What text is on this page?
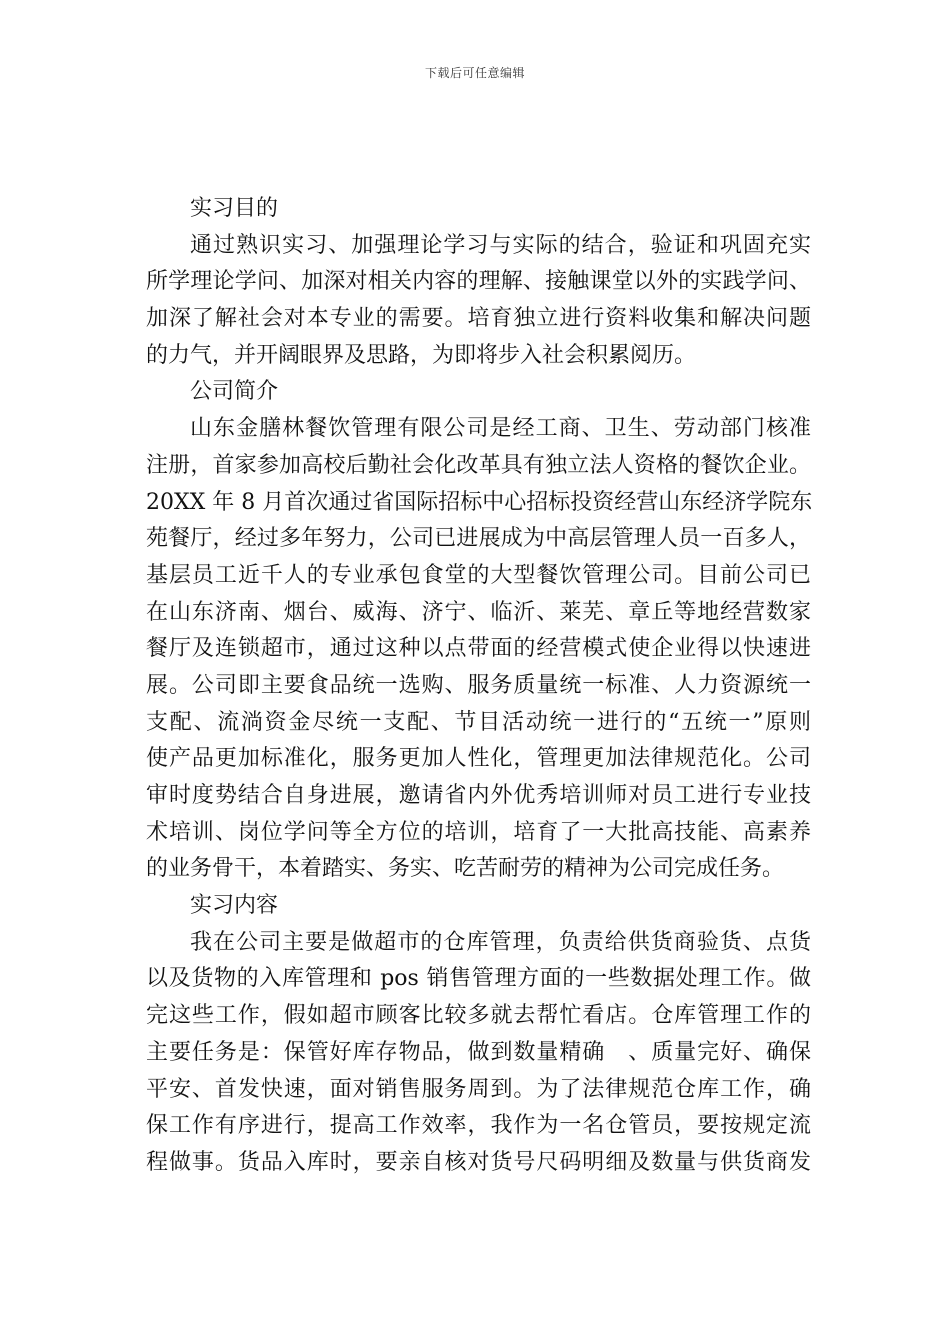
下载后可任意编辑
实习目的
通过熟识实习、加强理论学习与实际的结合，验证和巩固充实
所学理论学问、加深对相关内容的理解、接触课堂以外的实践学问、
加深了解社会对本专业的需要。培育独立进行资料收集和解决问题
的力气，并开阔眼界及思路，为即将步入社会积累阅历。
公司简介
山东金膳林餐饮管理有限公司是经工商、卫生、劳动部门核准
注册，首家参加高校后勤社会化改革具有独立法人资格的餐饮企业。
20XX 年 8 月首次通过省国际招标中心招标投资经营山东经济学院东
苑餐厅，经过多年努力，公司已进展成为中高层管理人员一百多人，
基层员工近千人的专业承包食堂的大型餐饮管理公司。目前公司已
在山东济南、烟台、威海、济宁、临沂、莱芜、章丘等地经营数家
餐厅及连锁超市，通过这种以点带面的经营模式使企业得以快速进
展。公司即主要食品统一选购、服务质量统一标准、人力资源统一
支配、流淌资金尽统一支配、节目活动统一进行的“五统一”原则
使产品更加标准化，服务更加人性化，管理更加法律规范化。公司
审时度势结合自身进展，邀请省内外优秀培训师对员工进行专业技
术培训、岗位学问等全方位的培训，培育了一大批高技能、高素养
的业务骨干，本着踏实、务实、吃苦耐劳的精神为公司完成任务。
实习内容
我在公司主要是做超市的仓库管理，负责给供货商验货、点货
以及货物的入库管理和 pos 销售管理方面的一些数据处理工作。做
完这些工作，假如超市顾客比较多就去帮忙看店。仓库管理工作的
主要任务是：保管好库存物品，做到数量精确　、质量完好、确保
平安、首发快速，面对销售服务周到。为了法律规范仓库工作，确
保工作有序进行，提高工作效率，我作为一名仓管员，要按规定流
程做事。货品入库时，要亲自核对货号尺码明细及数量与供货商发
